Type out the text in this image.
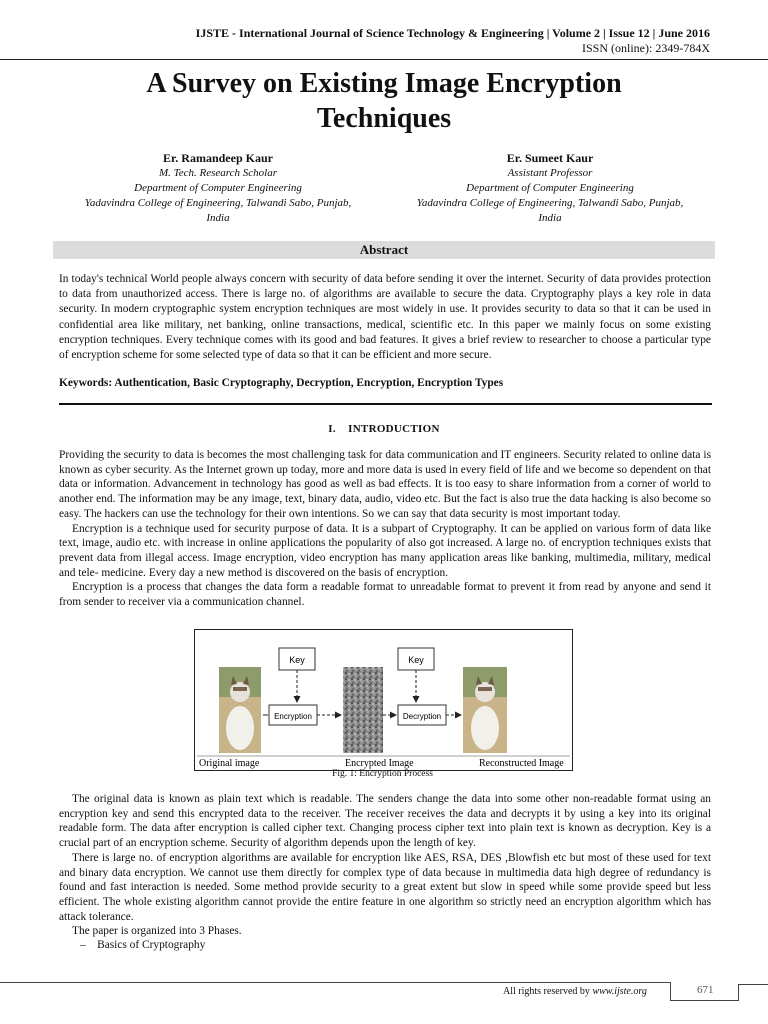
IJSTE - International Journal of Science Technology & Engineering | Volume 2 | Issue 12 | June 2016
ISSN (online): 2349-784X
A Survey on Existing Image Encryption
Techniques
Er. Ramandeep Kaur
M. Tech. Research Scholar
Department of Computer Engineering
Yadavindra College of Engineering, Talwandi Sabo, Punjab,
India
Er. Sumeet Kaur
Assistant Professor
Department of Computer Engineering
Yadavindra College of Engineering, Talwandi Sabo, Punjab,
India
Abstract
In today's technical World people always concern with security of data before sending it over the internet. Security of data provides protection to data from unauthorized access. There is large no. of algorithms are available to secure the data. Cryptography plays a key role in data security. In modern cryptographic system encryption techniques are most widely in use. It provides security to data so that it can be used in confidential area like military, net banking, online transactions, medical, scientific etc. In this paper we mainly focus on some existing encryption techniques. Every technique comes with its good and bad features. It gives a brief review to researcher to choose a particular type of encryption scheme for some selected type of data so that it can be efficient and more secure.
Keywords: Authentication, Basic Cryptography, Decryption, Encryption, Encryption Types
I. INTRODUCTION

Providing the security to data is becomes the most challenging task for data communication and IT engineers. Security related to online data is known as cyber security. As the Internet grown up today, more and more data is used in every field of life and we become so dependent on that data or information. Advancement in technology has good as well as bad effects. It is too easy to share information from a corner of world to another end. The information may be any image, text, binary data, audio, video etc. But the fact is also true the data hacking is also become so easy. The hackers can use the technology for their own intentions. So we can say that data security is most important today.

Encryption is a technique used for security purpose of data. It is a subpart of Cryptography. It can be applied on various form of data like text, image, audio etc. with increase in online applications the popularity of also got increased. A large no. of encryption techniques exists that prevent data from illegal access. Image encryption, video encryption has many application areas like banking, multimedia, military, medical and tele- medicine. Every day a new method is discovered on the basis of encryption.

Encryption is a process that changes the data form a readable format to unreadable format to prevent it from read by anyone and send it from sender to receiver via a communication channel.

Key	Key
Encryption	Decryption
Original image	Encrypted Image	Reconstructed Image
Fig. 1: Encryption Process

The original data is known as plain text which is readable. The senders change the data into some other non-readable format using an encryption key and send this encrypted data to the receiver. The receiver receives the data and decrypts it by using a key into its original readable form. The data after encryption is called cipher text. Changing process cipher text into plain text is known as decryption. Key is a crucial part of an encryption scheme. Security of algorithm depends upon the length of key.

There is large no. of encryption algorithms are available for encryption like AES, RSA, DES ,Blowfish etc but most of these used for text and binary data encryption. We cannot use them directly for complex type of data because in multimedia data high degree of redundancy is found and fast interaction is needed. Some method provide security to a great extent but slow in speed while some provide speed but less efficient. The whole existing algorithm cannot provide the entire feature in one algorithm so strictly need an encryption algorithm which has attack tolerance.

The paper is organized into 3 Phases.

– Basics of Cryptography
All rights reserved by www.ijste.org	671
